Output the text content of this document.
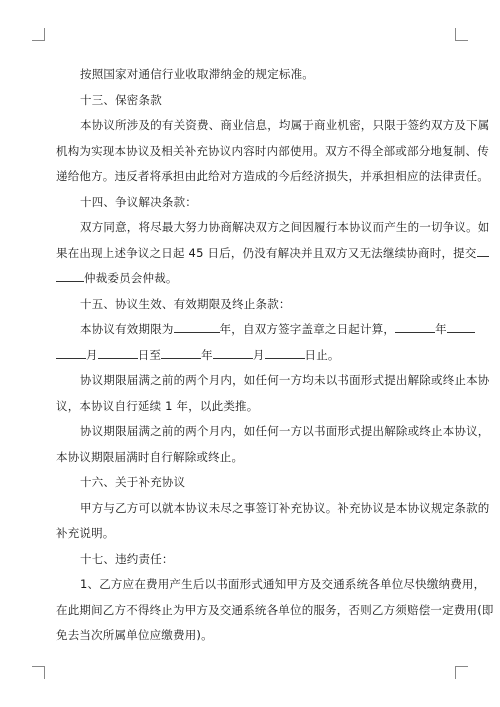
按照国家对通信行业收取滞纳金的规定标准。
十三、保密条款
本协议所涉及的有关资费、商业信息，均属于商业机密，只限于签约双方及下属
机构为实现本协议及相关补充协议内容时内部使用。双方不得全部或部分地复制、传
递给他方。违反者将承担由此给对方造成的今后经济损失，并承担相应的法律责任。
十四、争议解决条款：
双方同意，将尽最大努力协商解决双方之间因履行本协议而产生的一切争议。如
果在出现上述争议之日起 45 日后，仍没有解决并且双方又无法继续协商时，提交
仲裁委员会仲裁。
十五、协议生效、有效期限及终止条款：
本协议有效期限为	年，自双方签字盖章之日起计算，	年
月	日至	年	月	日止。
协议期限届满之前的两个月内，如任何一方均未以书面形式提出解除或终止本协
议，本协议自行延续 1 年，以此类推。
协议期限届满之前的两个月内，如任何一方以书面形式提出解除或终止本协议，
本协议期限届满时自行解除或终止。
十六、关于补充协议
甲方与乙方可以就本协议未尽之事签订补充协议。补充协议是本协议规定条款的
补充说明。
十七、违约责任：
1、乙方应在费用产生后以书面形式通知甲方及交通系统各单位尽快缴纳费用，
在此期间乙方不得终止为甲方及交通系统各单位的服务，否则乙方须赔偿一定费用(即
免去当次所属单位应缴费用)。
